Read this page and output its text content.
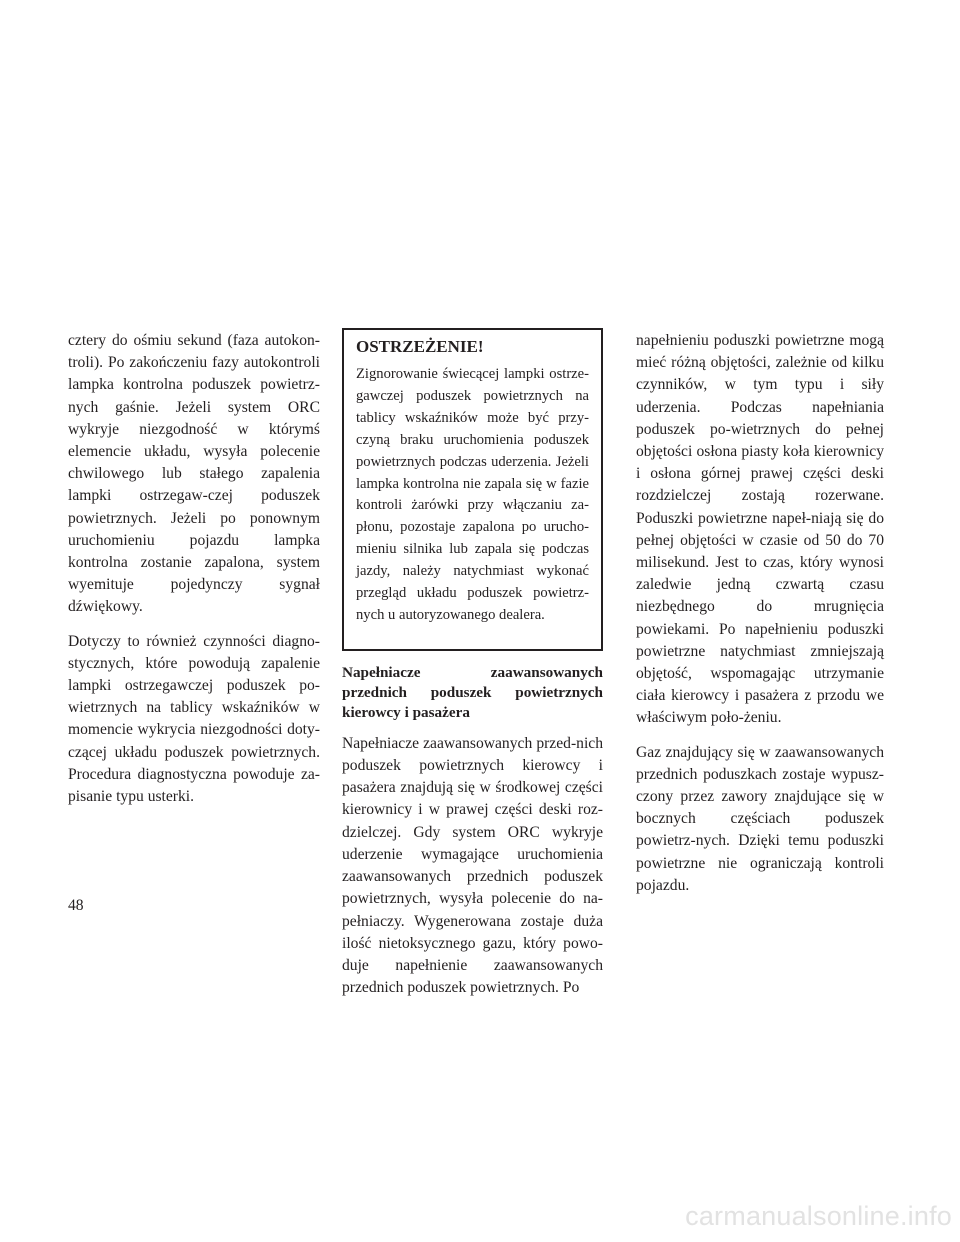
cztery do ośmiu sekund (faza autokon-troli). Po zakończeniu fazy autokontroli lampka kontrolna poduszek powietrz-nych gaśnie. Jeżeli system ORC wykryje niezgodność w którymś elemencie układu, wysyła polecenie chwilowego lub stałego zapalenia lampki ostrzegaw-czej poduszek powietrznych. Jeżeli po ponownym uruchomieniu pojazdu lampka kontrolna zostanie zapalona, system wyemituje pojedynczy sygnał dźwiękowy.

Dotyczy to również czynności diagno-stycznych, które powodują zapalenie lampki ostrzegawczej poduszek po-wietrznych na tablicy wskaźników w momencie wykrycia niezgodności doty-czącej układu poduszek powietrznych. Procedura diagnostyczna powoduje za-pisanie typu usterki.

OSTRZEŻENIE!

Zignorowanie świecącej lampki ostrze-gawczej poduszek powietrznych na tablicy wskaźników może być przy-czyną braku uruchomienia poduszek powietrznych podczas uderzenia. Jeżeli lampka kontrolna nie zapala się w fazie kontroli żarówki przy włączaniu za-płonu, pozostaje zapalona po urucho-mieniu silnika lub zapala się podczas jazdy, należy natychmiast wykonać przegląd układu poduszek powietrz-nych u autoryzowanego dealera.

Napełniacze zaawansowanych przednich poduszek powietrznych kierowcy i pasażera

Napełniacze zaawansowanych przed-nich poduszek powietrznych kierowcy i pasażera znajdują się w środkowej części kierownicy i w prawej części deski roz-dzielczej. Gdy system ORC wykryje uderzenie wymagające uruchomienia zaawansowanych przednich poduszek powietrznych, wysyła polecenie do na-pełniaczy. Wygenerowana zostaje duża ilość nietoksycznego gazu, który powo-duje napełnienie zaawansowanych przednich poduszek powietrznych. Po

napełnieniu poduszki powietrzne mogą mieć różną objętości, zależnie od kilku czynników, w tym typu i siły uderzenia. Podczas napełniania poduszek po-wietrznych do pełnej objętości osłona piasty koła kierownicy i osłona górnej prawej części deski rozdzielczej zostają rozerwane. Poduszki powietrzne napeł-niają się do pełnej objętości w czasie od 50 do 70 milisekund. Jest to czas, który wynosi zaledwie jedną czwartą czasu niezbędnego do mrugnięcia powiekami. Po napełnieniu poduszki powietrzne natychmiast zmniejszają objętość, wspomagając utrzymanie ciała kierowcy i pasażera z przodu we właściwym poło-żeniu.

Gaz znajdujący się w zaawansowanych przednich poduszkach zostaje wypusz-czony przez zawory znajdujące się w bocznych częściach poduszek powietrz-nych. Dzięki temu poduszki powietrzne nie ograniczają kontroli pojazdu.

48
carmanualsonline.info
